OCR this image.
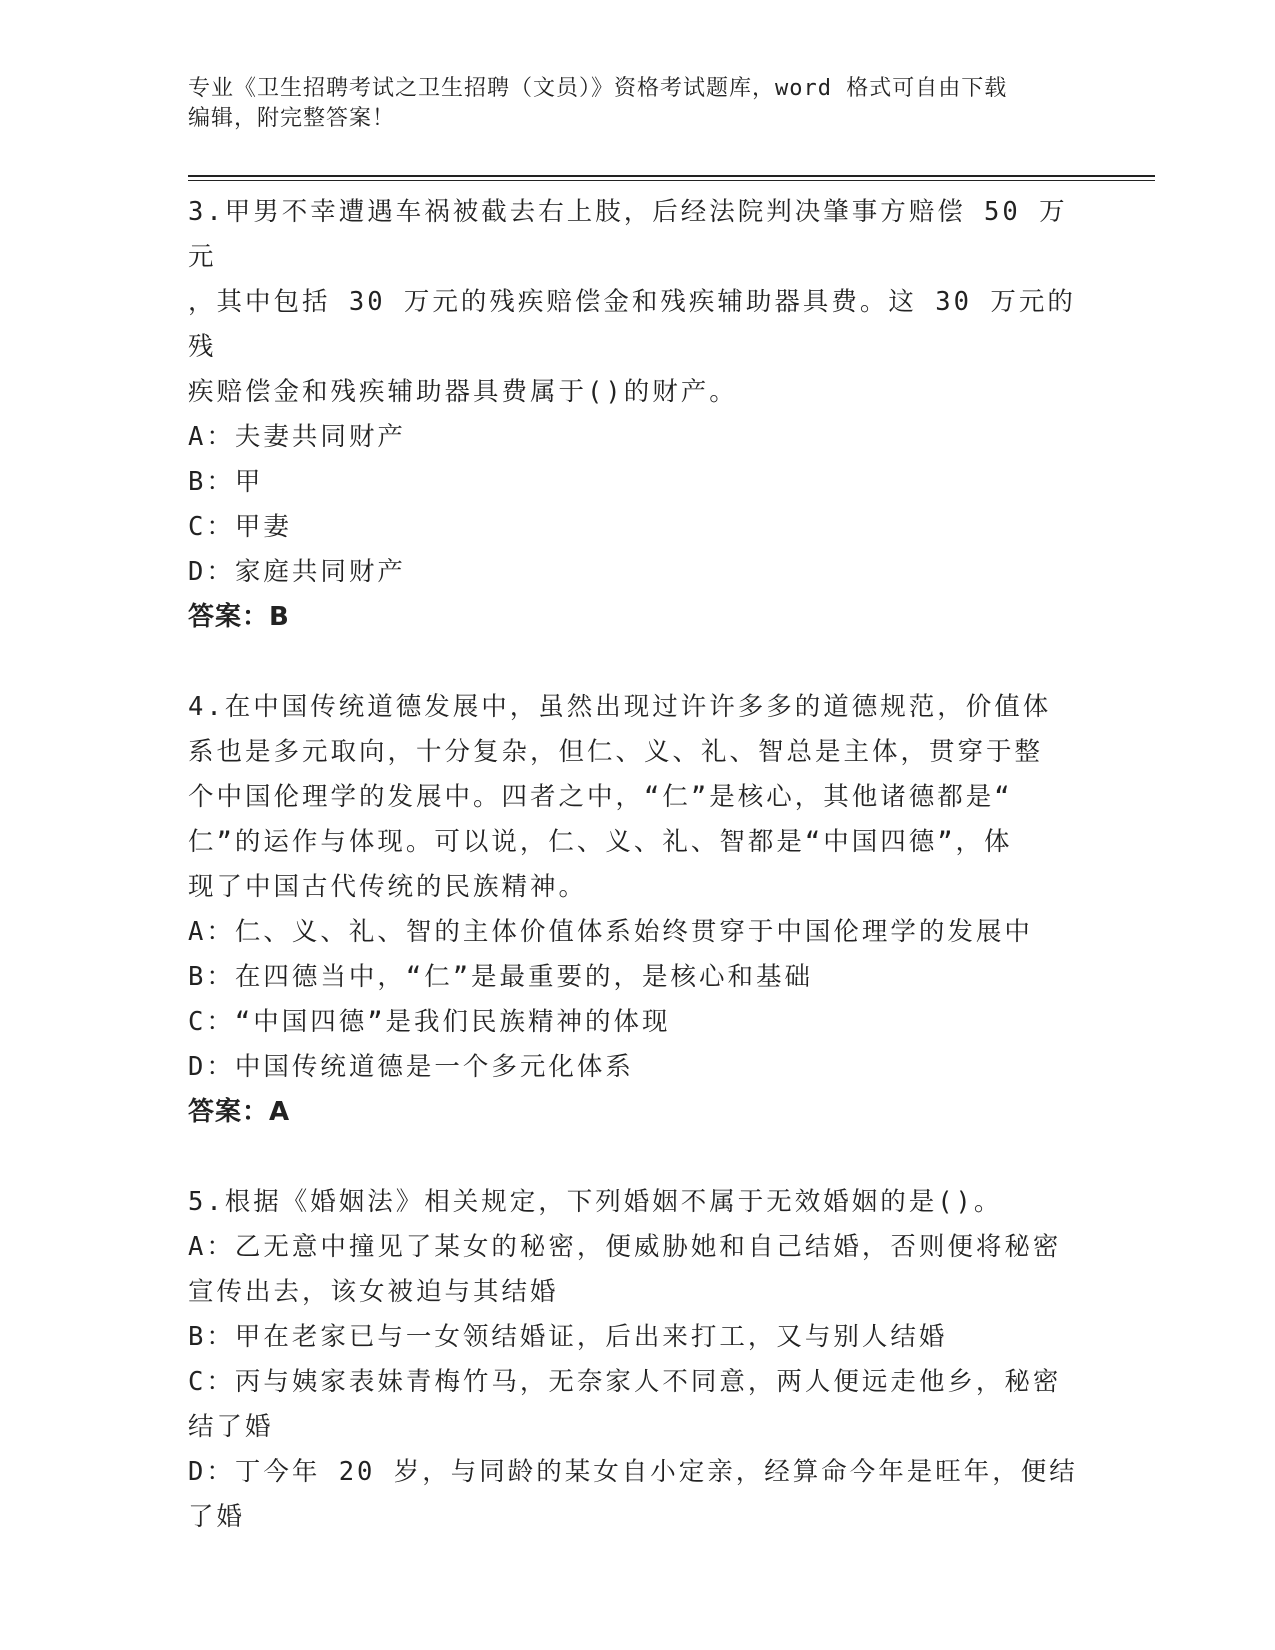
专业《卫生招聘考试之卫生招聘（文员）》资格考试题库，word 格式可自由下载
编辑，附完整答案！

3.甲男不幸遭遇车祸被截去右上肢，后经法院判决肇事方赔偿 50 万元

，其中包括 30 万元的残疾赔偿金和残疾辅助器具费。这 30 万元的残

疾赔偿金和残疾辅助器具费属于()的财产。

A：夫妻共同财产

B：甲

C：甲妻

D：家庭共同财产

答案：B

4.在中国传统道德发展中，虽然出现过许许多多的道德规范，价值体

系也是多元取向，十分复杂，但仁、义、礼、智总是主体，贯穿于整

个中国伦理学的发展中。四者之中，“仁”是核心，其他诸德都是“

仁”的运作与体现。可以说，仁、义、礼、智都是“中国四德”，体

现了中国古代传统的民族精神。

A：仁、义、礼、智的主体价值体系始终贯穿于中国伦理学的发展中

B：在四德当中，“仁”是最重要的，是核心和基础

C：“中国四德”是我们民族精神的体现

D：中国传统道德是一个多元化体系

答案：A

5.根据《婚姻法》相关规定，下列婚姻不属于无效婚姻的是()。

A：乙无意中撞见了某女的秘密，便威胁她和自己结婚，否则便将秘密

宣传出去，该女被迫与其结婚

B：甲在老家已与一女领结婚证，后出来打工，又与别人结婚

C：丙与姨家表妹青梅竹马，无奈家人不同意，两人便远走他乡，秘密

结了婚

D：丁今年 20 岁，与同龄的某女自小定亲，经算命今年是旺年，便结

了婚
